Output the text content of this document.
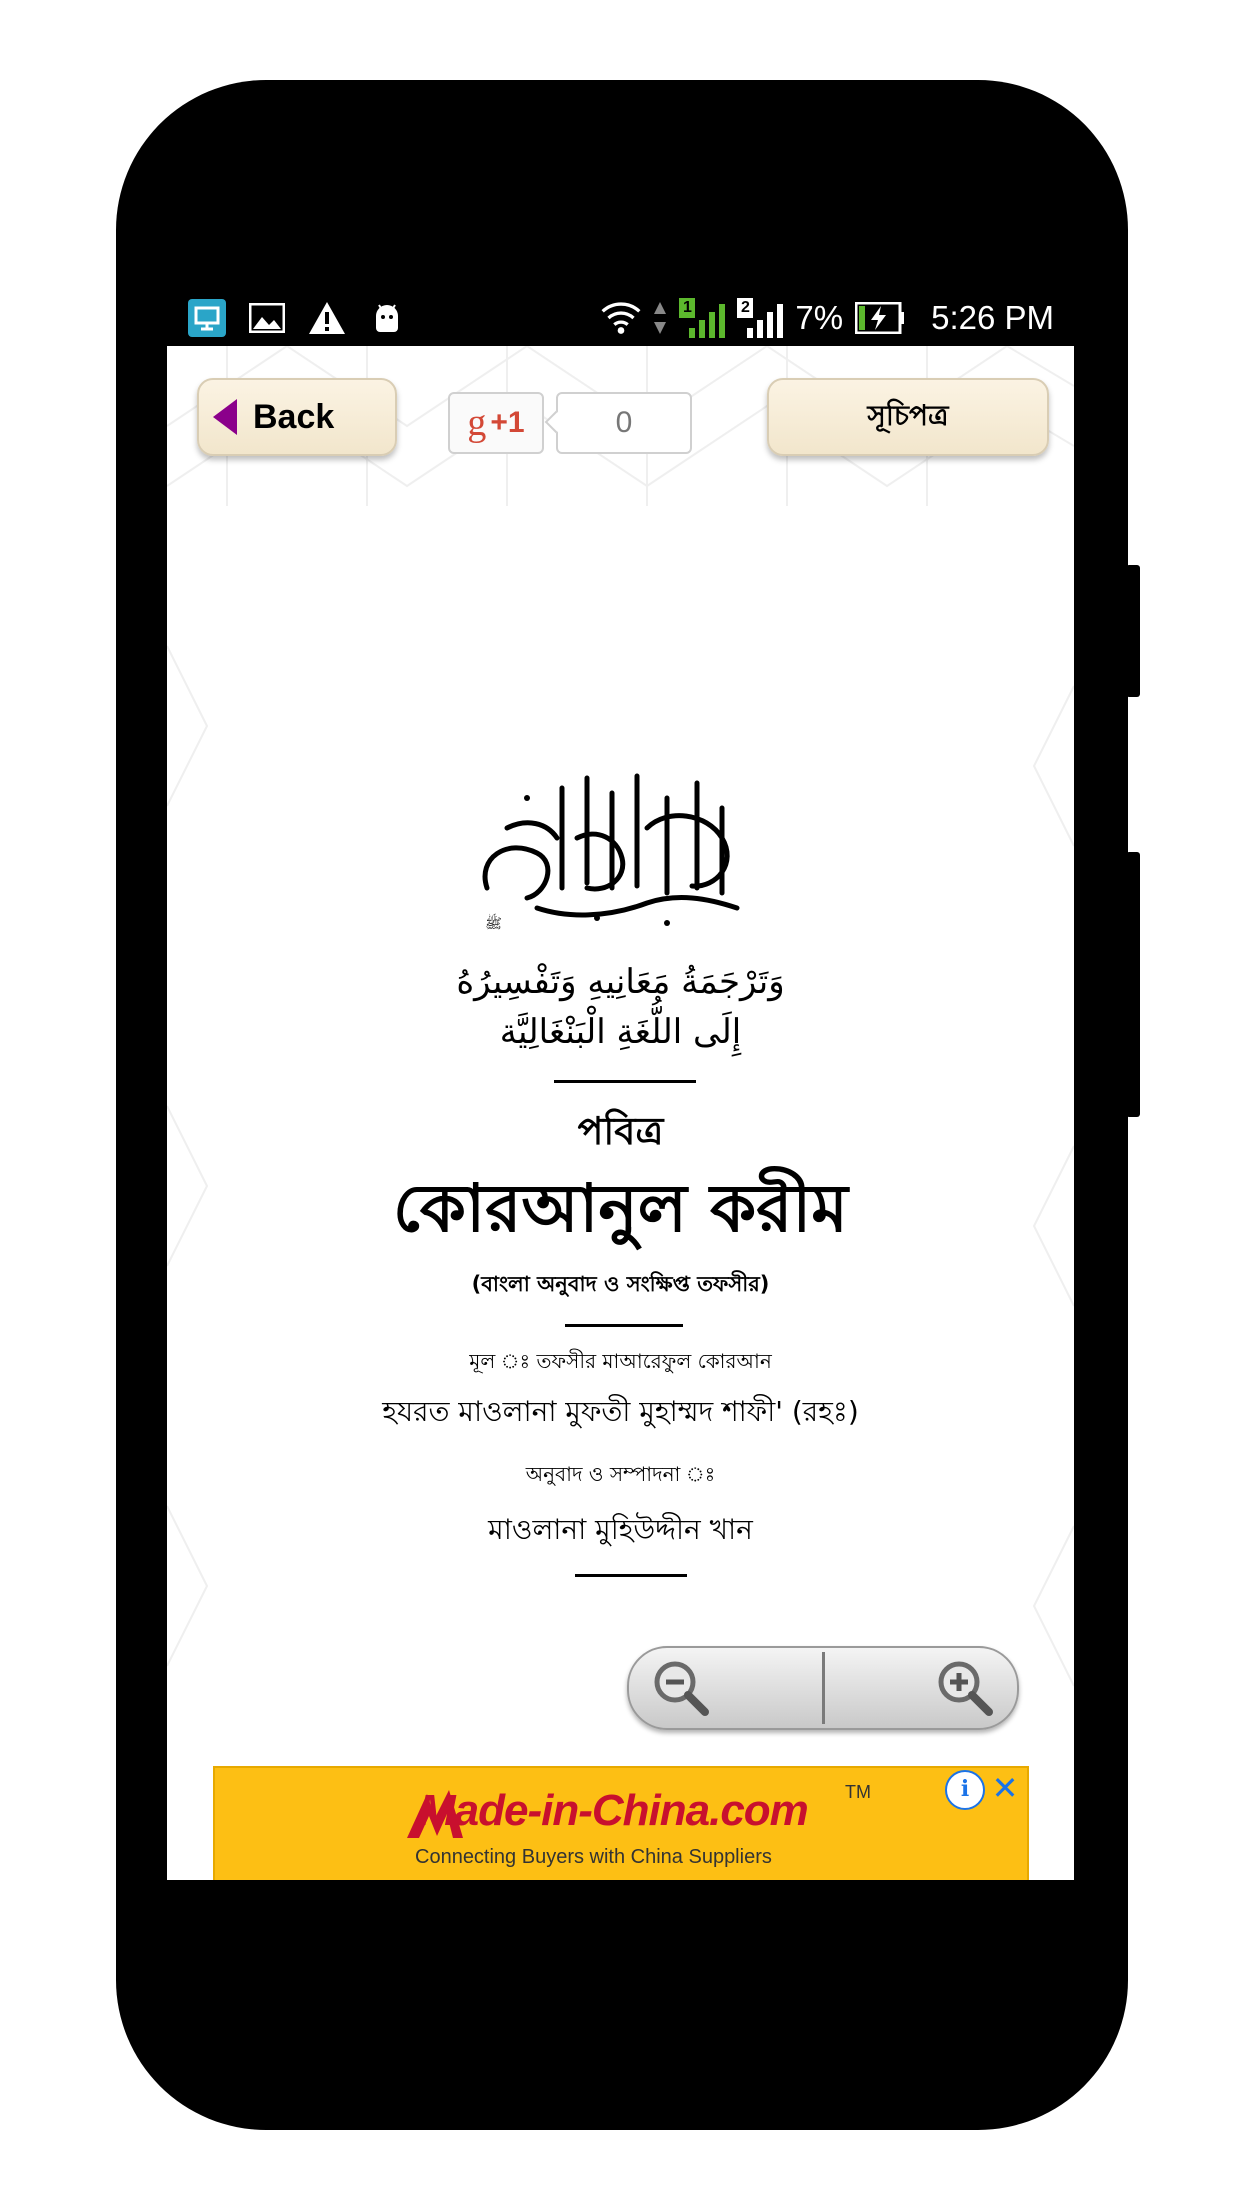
1	2 7%	5:26 PM
Back	g +1	0	সূচিপত্র
ﷺ
وَتَرْجَمَةُ مَعَانِيهِ وَتَفْسِيرُهُ
إِلَى اللُّغَةِ الْبَنْغَالِيَّة
পবিত্র
কোরআনুল করীম
(বাংলা অনুবাদ ও সংক্ষিপ্ত তফসীর)
মূল ঃ তফসীর মাআরেফুল কোরআন
হযরত মাওলানা মুফতী মুহাম্মদ শাফী' (রহঃ)
অনুবাদ ও সম্পাদনা ঃ
মাওলানা মুহিউদ্দীন খান
Made-in-China.com TM
Connecting Buyers with China Suppliers
i ✕
